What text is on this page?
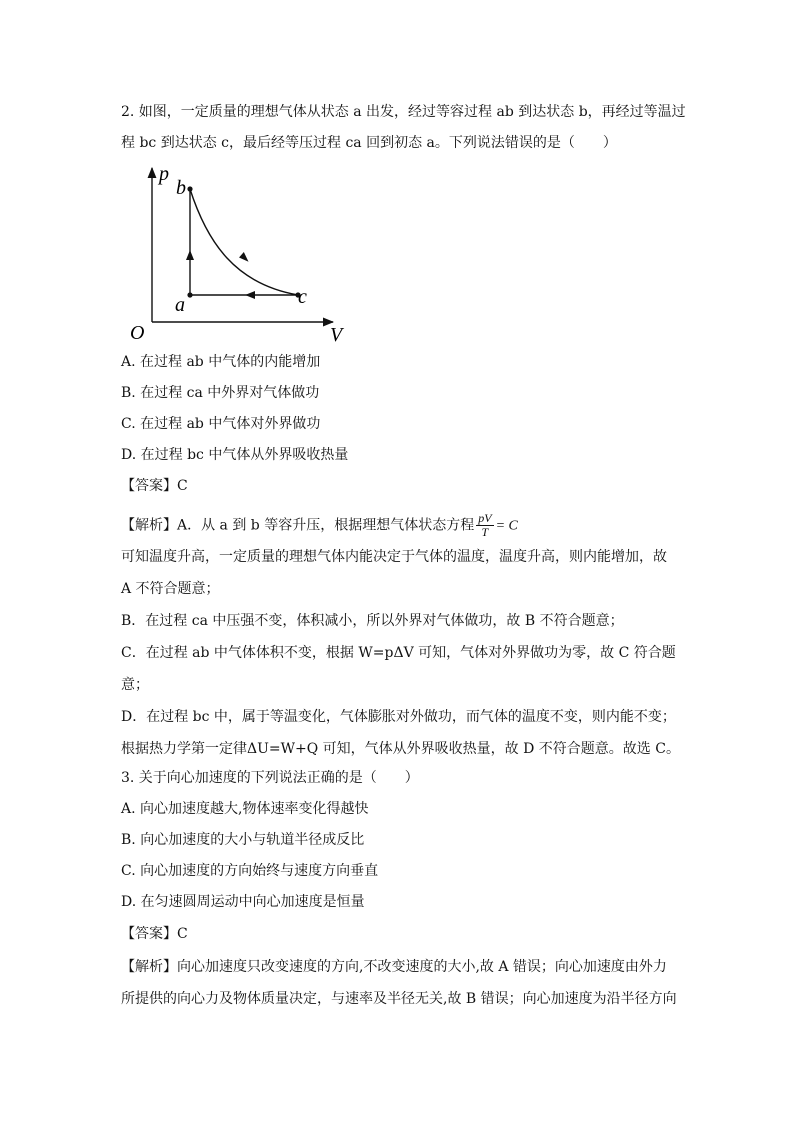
2. 如图，一定质量的理想气体从状态 a 出发，经过等容过程 ab 到达状态 b，再经过等温过
程 bc 到达状态 c，最后经等压过程 ca 回到初态 a。下列说法错误的是（　　）
p
V
O
a
b
c
A. 在过程 ab 中气体的内能增加
B. 在过程 ca 中外界对气体做功
C. 在过程 ab 中气体对外界做功
D. 在过程 bc 中气体从外界吸收热量
【答案】C
【解析】A．从 a 到 b 等容升压，根据理想气体状态方程 $\frac{pV}{T} = C$
可知温度升高，一定质量的理想气体内能决定于气体的温度，温度升高，则内能增加，故
A 不符合题意；
B．在过程 ca 中压强不变，体积减小，所以外界对气体做功，故 B 不符合题意；
C．在过程 ab 中气体体积不变，根据 W=pΔV 可知，气体对外界做功为零，故 C 符合题
意；
D．在过程 bc 中，属于等温变化，气体膨胀对外做功，而气体的温度不变，则内能不变；
根据热力学第一定律ΔU=W+Q 可知，气体从外界吸收热量，故 D 不符合题意。故选 C。
3. 关于向心加速度的下列说法正确的是（　　）
A. 向心加速度越大,物体速率变化得越快
B. 向心加速度的大小与轨道半径成反比
C. 向心加速度的方向始终与速度方向垂直
D. 在匀速圆周运动中向心加速度是恒量
【答案】C
【解析】向心加速度只改变速度的方向,不改变速度的大小,故 A 错误；向心加速度由外力
所提供的向心力及物体质量决定，与速率及半径无关,故 B 错误；向心加速度为沿半径方向
